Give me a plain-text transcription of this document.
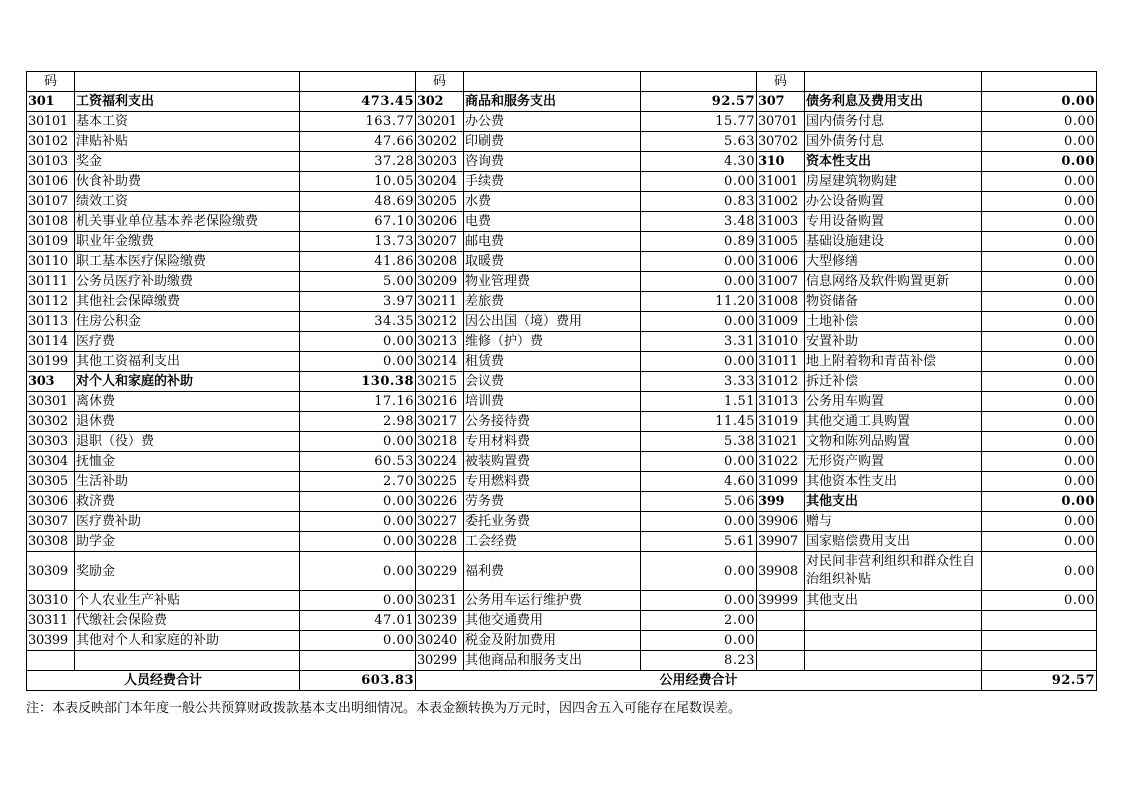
码			码			码		
301	工资福利支出	473.45	302	商品和服务支出	92.57	307	债务利息及费用支出	0.00
30101	基本工资	163.77	30201	办公费	15.77	30701	国内债务付息	0.00
30102	津贴补贴	47.66	30202	印刷费	5.63	30702	国外债务付息	0.00
30103	奖金	37.28	30203	咨询费	4.30	310	资本性支出	0.00
30106	伙食补助费	10.05	30204	手续费	0.00	31001	房屋建筑物购建	0.00
30107	绩效工资	48.69	30205	水费	0.83	31002	办公设备购置	0.00
30108	机关事业单位基本养老保险缴费	67.10	30206	电费	3.48	31003	专用设备购置	0.00
30109	职业年金缴费	13.73	30207	邮电费	0.89	31005	基础设施建设	0.00
30110	职工基本医疗保险缴费	41.86	30208	取暖费	0.00	31006	大型修缮	0.00
30111	公务员医疗补助缴费	5.00	30209	物业管理费	0.00	31007	信息网络及软件购置更新	0.00
30112	其他社会保障缴费	3.97	30211	差旅费	11.20	31008	物资储备	0.00
30113	住房公积金	34.35	30212	因公出国（境）费用	0.00	31009	土地补偿	0.00
30114	医疗费	0.00	30213	维修（护）费	3.31	31010	安置补助	0.00
30199	其他工资福利支出	0.00	30214	租赁费	0.00	31011	地上附着物和青苗补偿	0.00
303	对个人和家庭的补助	130.38	30215	会议费	3.33	31012	拆迁补偿	0.00
30301	离休费	17.16	30216	培训费	1.51	31013	公务用车购置	0.00
30302	退休费	2.98	30217	公务接待费	11.45	31019	其他交通工具购置	0.00
30303	退职（役）费	0.00	30218	专用材料费	5.38	31021	文物和陈列品购置	0.00
30304	抚恤金	60.53	30224	被装购置费	0.00	31022	无形资产购置	0.00
30305	生活补助	2.70	30225	专用燃料费	4.60	31099	其他资本性支出	0.00
30306	救济费	0.00	30226	劳务费	5.06	399	其他支出	0.00
30307	医疗费补助	0.00	30227	委托业务费	0.00	39906	赠与	0.00
30308	助学金	0.00	30228	工会经费	5.61	39907	国家赔偿费用支出	0.00
30309	奖励金	0.00	30229	福利费	0.00	39908	对民间非营利组织和群众性自治组织补贴	0.00
30310	个人农业生产补贴	0.00	30231	公务用车运行维护费	0.00	39999	其他支出	0.00
30311	代缴社会保险费	47.01	30239	其他交通费用	2.00			
30399	其他对个人和家庭的补助	0.00	30240	税金及附加费用	0.00			
			30299	其他商品和服务支出	8.23			
人员经费合计		603.83	公用经费合计					92.57
注：本表反映部门本年度一般公共预算财政拨款基本支出明细情况。本表金额转换为万元时，因四舍五入可能存在尾数误差。
